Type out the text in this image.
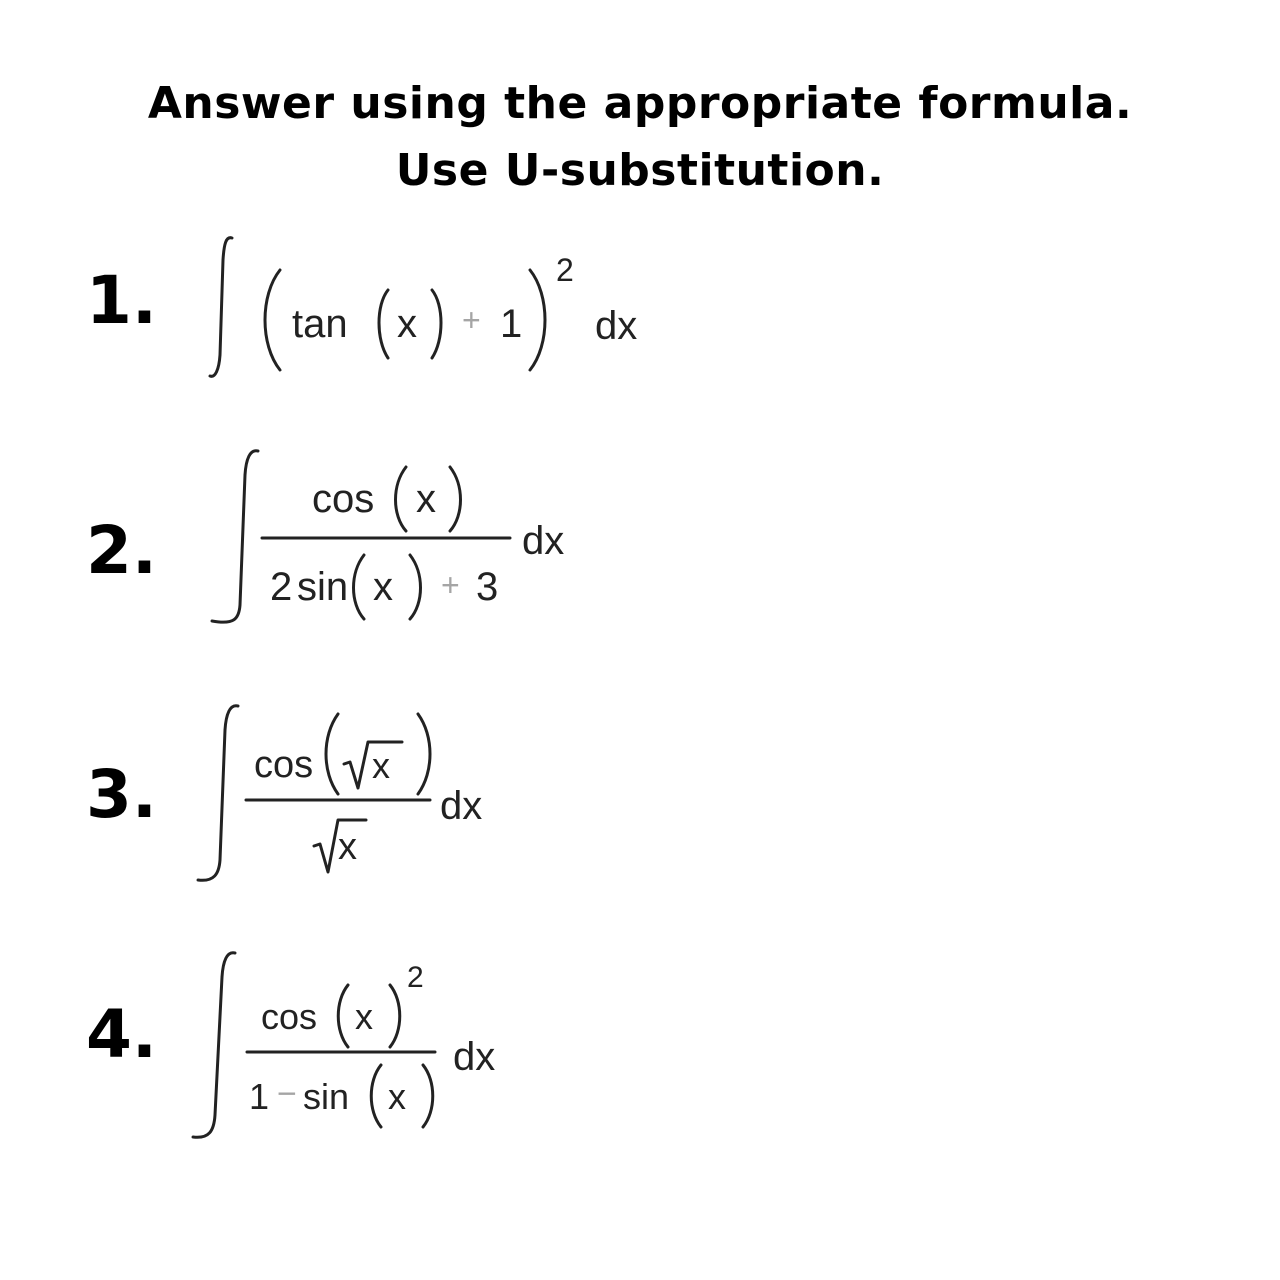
Answer using the appropriate formula.
Use U-substitution.
1.	tan x + 1
2
dx
2.
cos x
2 sin x + 3
dx
3.	cos x
x
dx
4.	cos x
2
1 − sin x
dx
